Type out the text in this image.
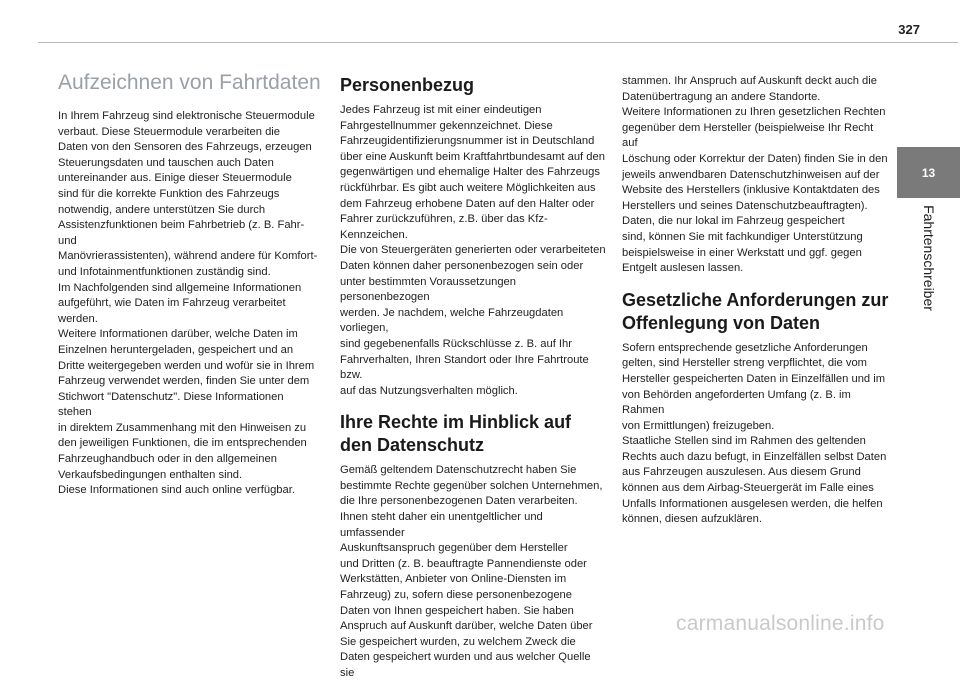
327
Aufzeichnen von Fahrtdaten

In Ihrem Fahrzeug sind elektronische Steuermodule
verbaut. Diese Steuermodule verarbeiten die
Daten von den Sensoren des Fahrzeugs, erzeugen
Steuerungsdaten und tauschen auch Daten
untereinander aus. Einige dieser Steuermodule
sind für die korrekte Funktion des Fahrzeugs
notwendig, andere unterstützen Sie durch
Assistenzfunktionen beim Fahrbetrieb (z. B. Fahr- und
Manövrierassistenten), während andere für Komfort-
und Infotainmentfunktionen zuständig sind.
Im Nachfolgenden sind allgemeine Informationen
aufgeführt, wie Daten im Fahrzeug verarbeitet werden.
Weitere Informationen darüber, welche Daten im
Einzelnen heruntergeladen, gespeichert und an
Dritte weitergegeben werden und wofür sie in Ihrem
Fahrzeug verwendet werden, finden Sie unter dem
Stichwort "Datenschutz". Diese Informationen stehen
in direktem Zusammenhang mit den Hinweisen zu
den jeweiligen Funktionen, die im entsprechenden
Fahrzeughandbuch oder in den allgemeinen
Verkaufsbedingungen enthalten sind.
Diese Informationen sind auch online verfügbar.

Personenbezug

Jedes Fahrzeug ist mit einer eindeutigen
Fahrgestellnummer gekennzeichnet. Diese
Fahrzeugidentifizierungsnummer ist in Deutschland
über eine Auskunft beim Kraftfahrtbundesamt auf den
gegenwärtigen und ehemalige Halter des Fahrzeugs
rückführbar. Es gibt auch weitere Möglichkeiten aus
dem Fahrzeug erhobene Daten auf den Halter oder
Fahrer zurückzuführen, z.B. über das Kfz-Kennzeichen.
Die von Steuergeräten generierten oder verarbeiteten
Daten können daher personenbezogen sein oder
unter bestimmten Voraussetzungen personenbezogen
werden. Je nachdem, welche Fahrzeugdaten vorliegen,
sind gegebenenfalls Rückschlüsse z. B. auf Ihr
Fahrverhalten, Ihren Standort oder Ihre Fahrtroute bzw.
auf das Nutzungsverhalten möglich.

Ihre Rechte im Hinblick auf den Datenschutz

Gemäß geltendem Datenschutzrecht haben Sie
bestimmte Rechte gegenüber solchen Unternehmen,
die Ihre personenbezogenen Daten verarbeiten.
Ihnen steht daher ein unentgeltlicher und umfassender
Auskunftsanspruch gegenüber dem Hersteller
und Dritten (z. B. beauftragte Pannendienste oder
Werkstätten, Anbieter von Online-Diensten im
Fahrzeug) zu, sofern diese personenbezogene
Daten von Ihnen gespeichert haben. Sie haben
Anspruch auf Auskunft darüber, welche Daten über
Sie gespeichert wurden, zu welchem Zweck die
Daten gespeichert wurden und aus welcher Quelle sie

stammen. Ihr Anspruch auf Auskunft deckt auch die
Datenübertragung an andere Standorte.
Weitere Informationen zu Ihren gesetzlichen Rechten
gegenüber dem Hersteller (beispielweise Ihr Recht auf
Löschung oder Korrektur der Daten) finden Sie in den
jeweils anwendbaren Datenschutzhinweisen auf der
Website des Herstellers (inklusive Kontaktdaten des
Herstellers und seines Datenschutzbeauftragten).
Daten, die nur lokal im Fahrzeug gespeichert
sind, können Sie mit fachkundiger Unterstützung
beispielsweise in einer Werkstatt und ggf. gegen
Entgelt auslesen lassen.

Gesetzliche Anforderungen zur Offenlegung von Daten

Sofern entsprechende gesetzliche Anforderungen
gelten, sind Hersteller streng verpflichtet, die vom
Hersteller gespeicherten Daten in Einzelfällen und im
von Behörden angeforderten Umfang (z. B. im Rahmen
von Ermittlungen) freizugeben.
Staatliche Stellen sind im Rahmen des geltenden
Rechts auch dazu befugt, in Einzelfällen selbst Daten
aus Fahrzeugen auszulesen. Aus diesem Grund
können aus dem Airbag-Steuergerät im Falle eines
Unfalls Informationen ausgelesen werden, die helfen
können, diesen aufzuklären.

13
Fahrtenschreiber
carmanualsonline.info
